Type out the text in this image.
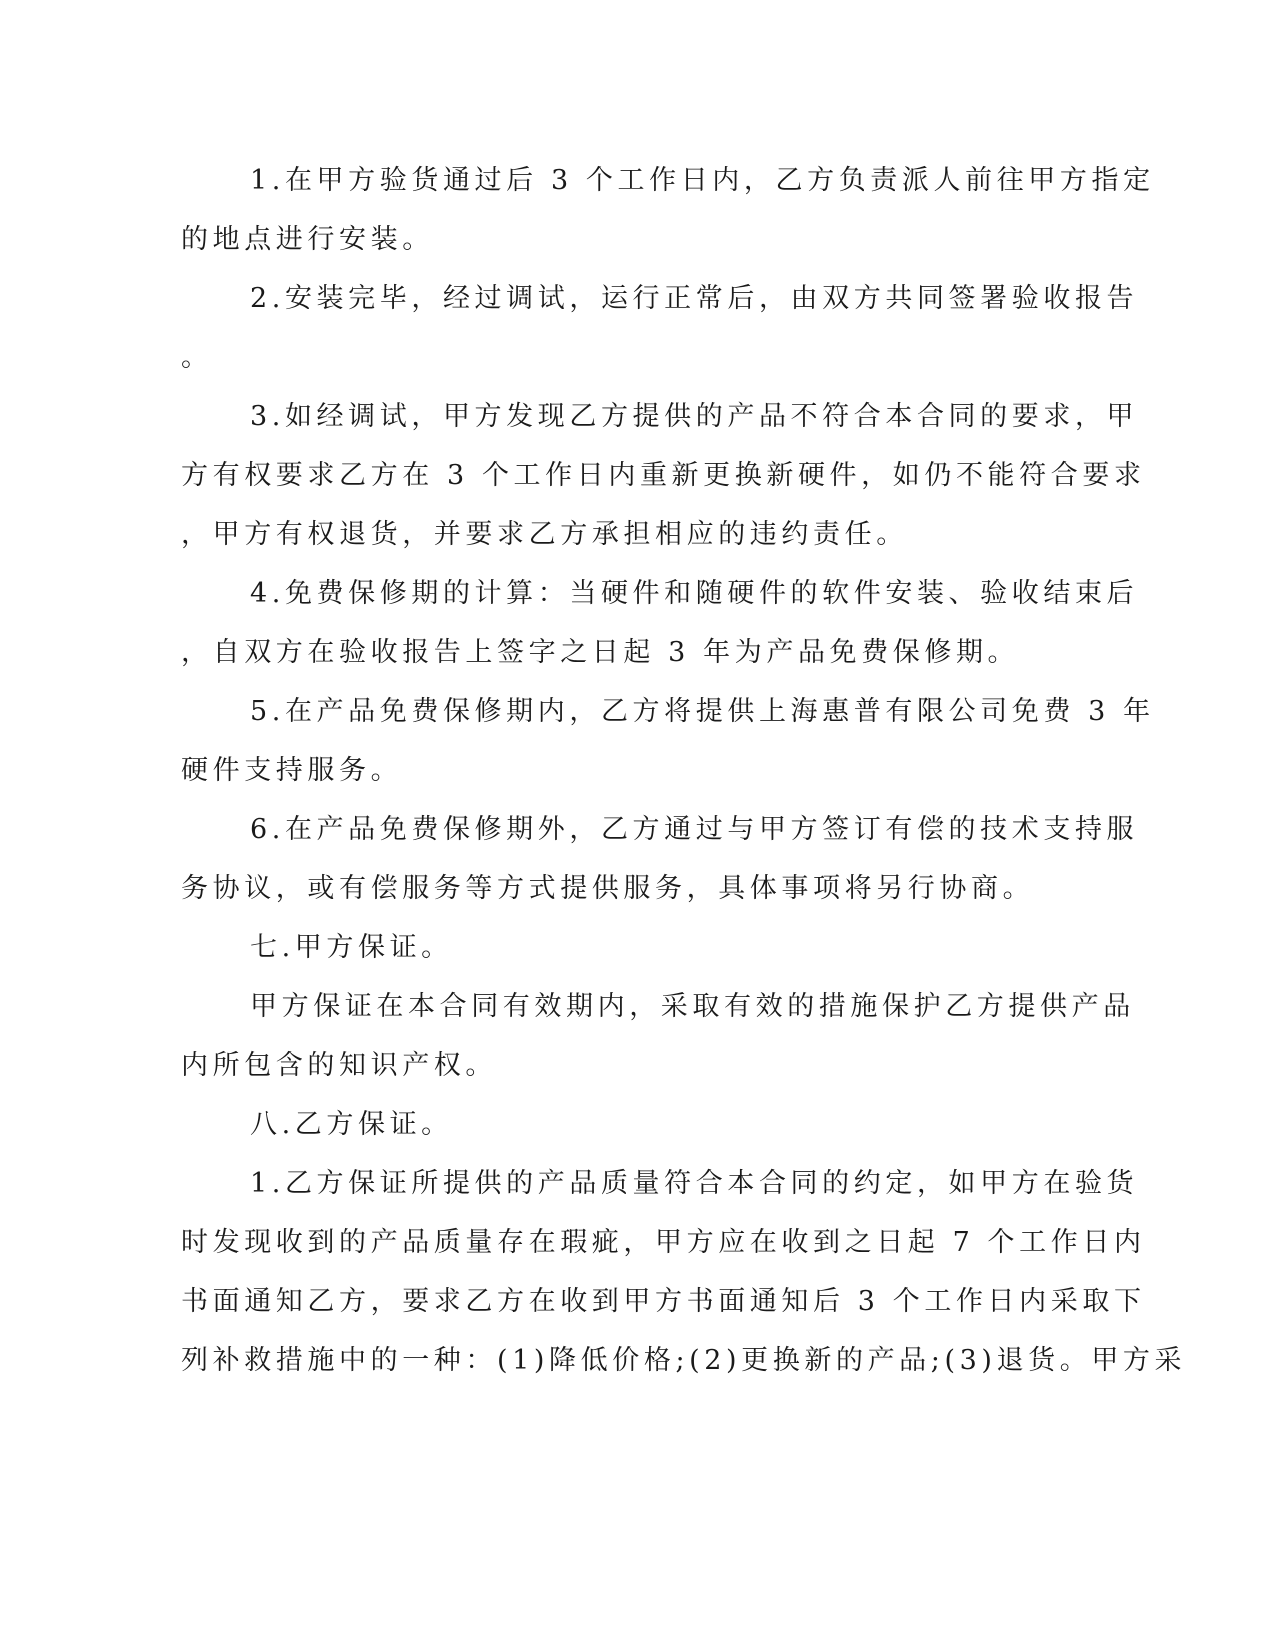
1.在甲方验货通过后 3 个工作日内，乙方负责派人前往甲方指定
的地点进行安装。
2.安装完毕，经过调试，运行正常后，由双方共同签署验收报告
。
3.如经调试，甲方发现乙方提供的产品不符合本合同的要求，甲
方有权要求乙方在 3 个工作日内重新更换新硬件，如仍不能符合要求
，甲方有权退货，并要求乙方承担相应的违约责任。
4.免费保修期的计算：当硬件和随硬件的软件安装、验收结束后
，自双方在验收报告上签字之日起 3 年为产品免费保修期。
5.在产品免费保修期内，乙方将提供上海惠普有限公司免费 3 年
硬件支持服务。
6.在产品免费保修期外，乙方通过与甲方签订有偿的技术支持服
务协议，或有偿服务等方式提供服务，具体事项将另行协商。
七.甲方保证。
甲方保证在本合同有效期内，采取有效的措施保护乙方提供产品
内所包含的知识产权。
八.乙方保证。
1.乙方保证所提供的产品质量符合本合同的约定，如甲方在验货
时发现收到的产品质量存在瑕疵，甲方应在收到之日起 7 个工作日内
书面通知乙方，要求乙方在收到甲方书面通知后 3 个工作日内采取下
列补救措施中的一种：(1)降低价格;(2)更换新的产品;(3)退货。甲方采
